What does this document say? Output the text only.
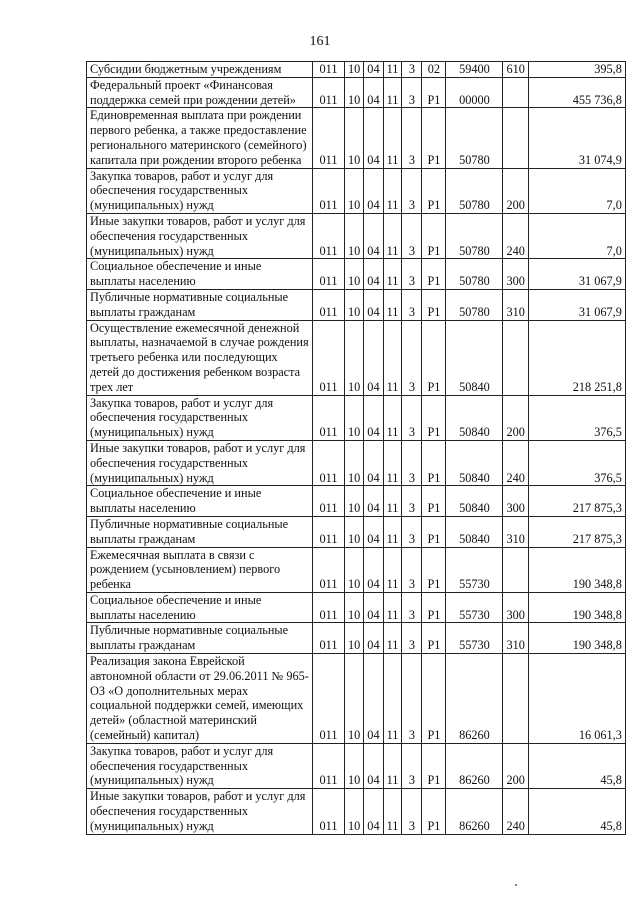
161
Субсидии бюджетным учреждениям	011	10	04	11	3	02	59400	610	395,8
Федеральный проект «Финансовая поддержка семей при рождении детей»	011	10	04	11	3	P1	00000		455 736,8
Единовременная выплата при рождении первого ребенка, а также предоставление регионального материнского (семейного) капитала при рождении второго ребенка	011	10	04	11	3	P1	50780		31 074,9
Закупка товаров, работ и услуг для обеспечения государственных (муниципальных) нужд	011	10	04	11	3	P1	50780	200	7,0
Иные закупки товаров, работ и услуг для обеспечения государственных (муниципальных) нужд	011	10	04	11	3	P1	50780	240	7,0
Социальное обеспечение и иные выплаты населению	011	10	04	11	3	P1	50780	300	31 067,9
Публичные нормативные социальные выплаты гражданам	011	10	04	11	3	P1	50780	310	31 067,9
Осуществление ежемесячной денежной выплаты, назначаемой в случае рождения третьего ребенка или последующих детей до достижения ребенком возраста трех лет	011	10	04	11	3	P1	50840		218 251,8
Закупка товаров, работ и услуг для обеспечения государственных (муниципальных) нужд	011	10	04	11	3	P1	50840	200	376,5
Иные закупки товаров, работ и услуг для обеспечения государственных (муниципальных) нужд	011	10	04	11	3	P1	50840	240	376,5
Социальное обеспечение и иные выплаты населению	011	10	04	11	3	P1	50840	300	217 875,3
Публичные нормативные социальные выплаты гражданам	011	10	04	11	3	P1	50840	310	217 875,3
Ежемесячная выплата в связи с рождением (усыновлением) первого ребенка	011	10	04	11	3	P1	55730		190 348,8
Социальное обеспечение и иные выплаты населению	011	10	04	11	3	P1	55730	300	190 348,8
Публичные нормативные социальные выплаты гражданам	011	10	04	11	3	P1	55730	310	190 348,8
Реализация закона Еврейской автономной области от 29.06.2011 № 965-ОЗ «О дополнительных мерах социальной поддержки семей, имеющих детей» (областной материнский (семейный) капитал)	011	10	04	11	3	P1	86260		16 061,3
Закупка товаров, работ и услуг для обеспечения государственных (муниципальных) нужд	011	10	04	11	3	P1	86260	200	45,8
Иные закупки товаров, работ и услуг для обеспечения государственных (муниципальных) нужд	011	10	04	11	3	P1	86260	240	45,8
